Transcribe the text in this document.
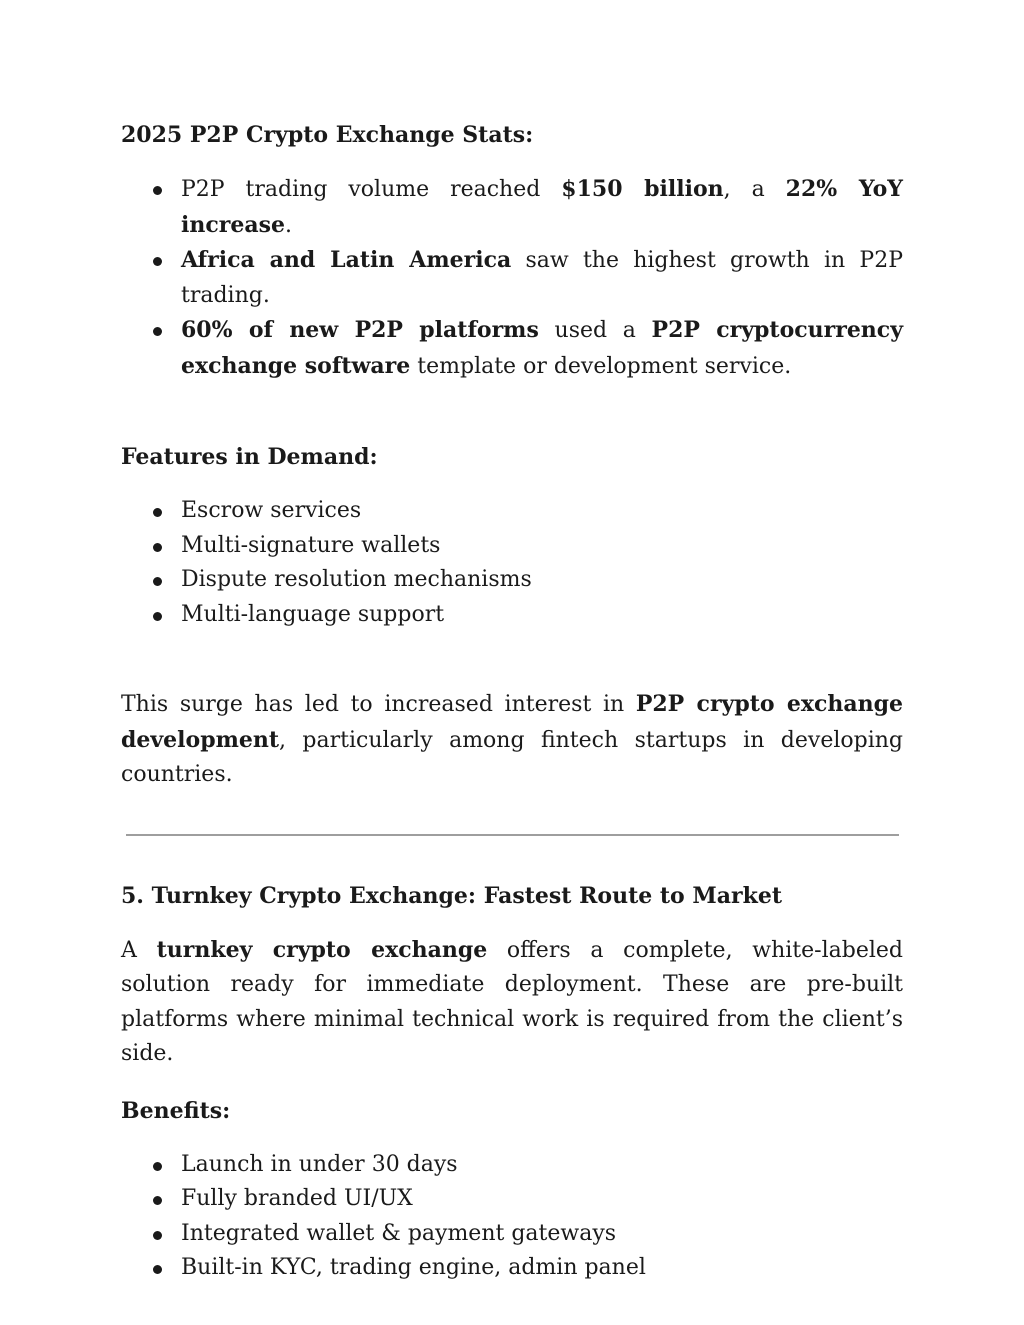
2025 P2P Crypto Exchange Stats:

P2P trading volume reached $150 billion, a 22% YoY increase.
Africa and Latin America saw the highest growth in P2P trading.
60% of new P2P platforms used a P2P cryptocurrency exchange software template or development service.

Features in Demand:

Escrow services
Multi-signature wallets
Dispute resolution mechanisms
Multi-language support

This surge has led to increased interest in P2P crypto exchange development, particularly among fintech startups in developing countries.

5. Turnkey Crypto Exchange: Fastest Route to Market

A turnkey crypto exchange offers a complete, white-labeled solution ready for immediate deployment. These are pre-built platforms where minimal technical work is required from the client’s side.

Benefits:

Launch in under 30 days
Fully branded UI/UX
Integrated wallet & payment gateways
Built-in KYC, trading engine, admin panel
